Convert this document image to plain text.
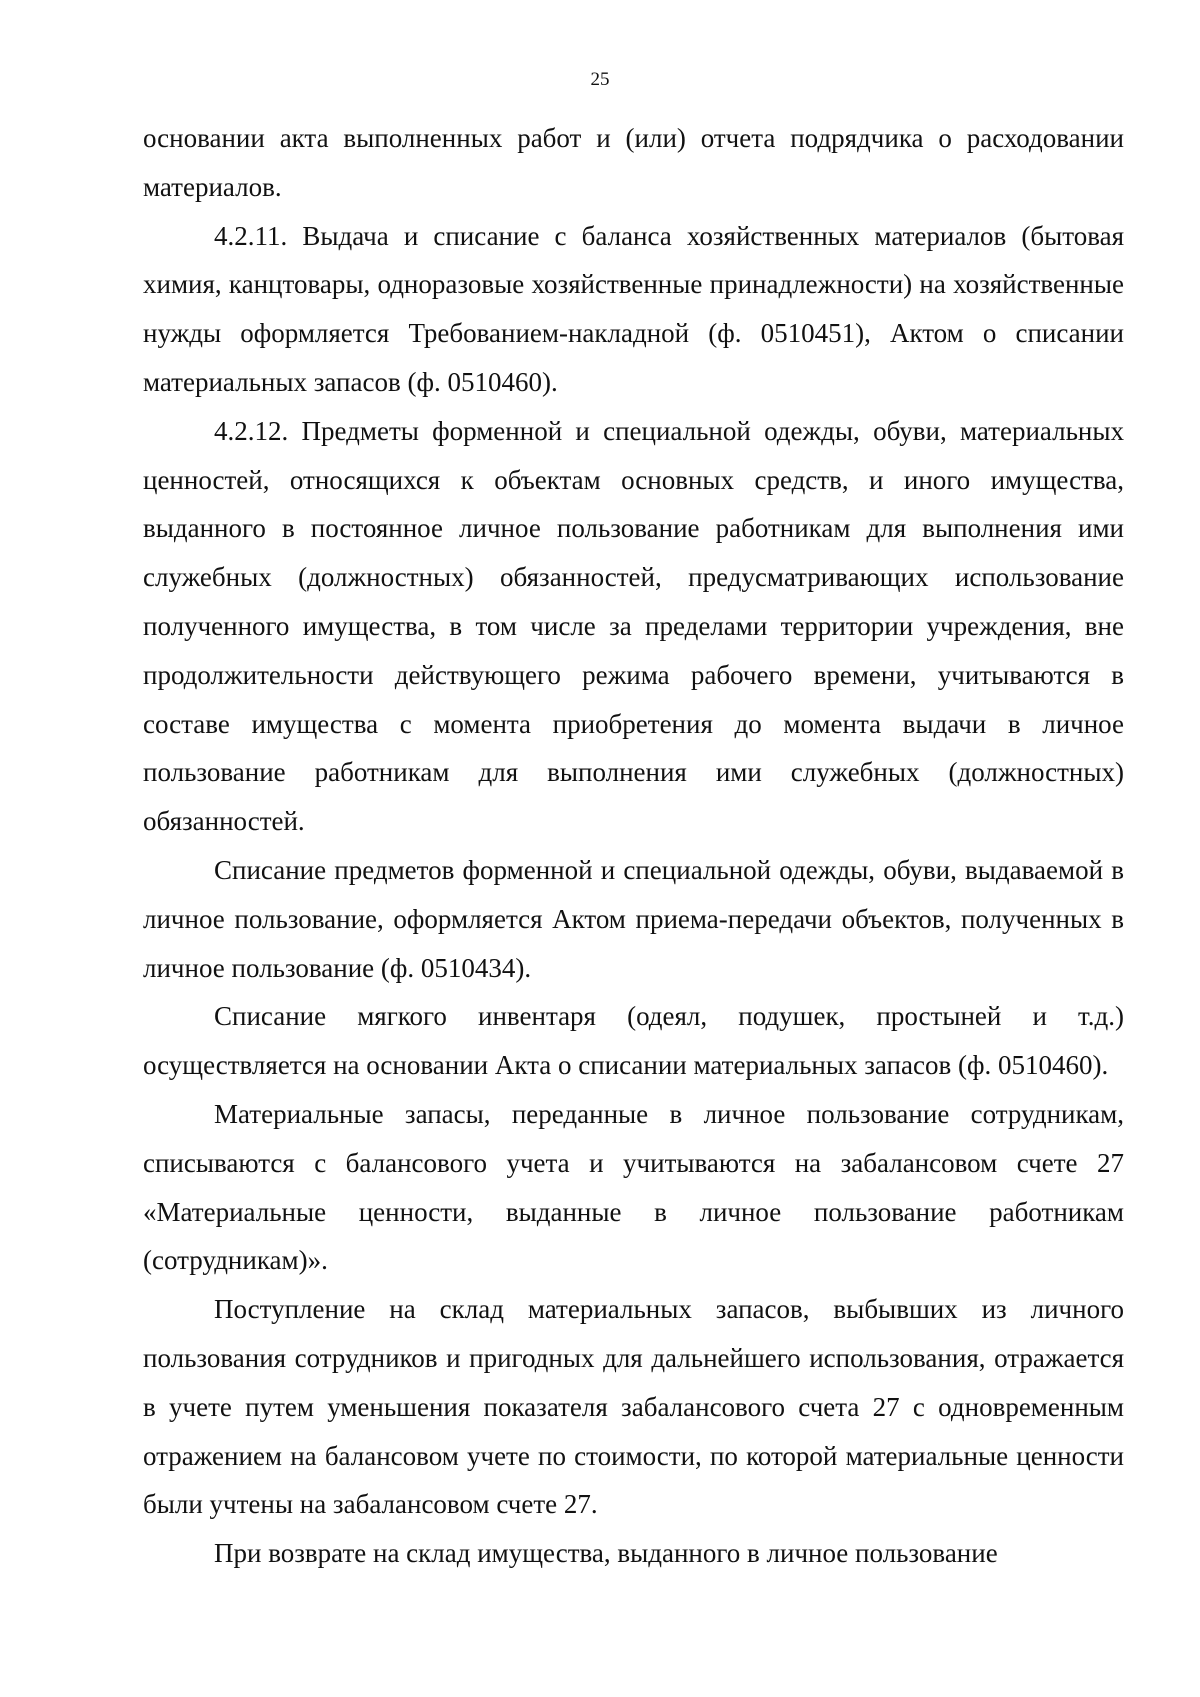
25

основании акта выполненных работ и (или) отчета подрядчика о расходовании материалов.

4.2.11. Выдача и списание с баланса хозяйственных материалов (бытовая химия, канцтовары, одноразовые хозяйственные принадлежности) на хозяйственные нужды оформляется Требованием-накладной (ф. 0510451), Актом о списании материальных запасов (ф. 0510460).

4.2.12. Предметы форменной и специальной одежды, обуви, материальных ценностей, относящихся к объектам основных средств, и иного имущества, выданного в постоянное личное пользование работникам для выполнения ими служебных (должностных) обязанностей, предусматривающих использование полученного имущества, в том числе за пределами территории учреждения, вне продолжительности действующего режима рабочего времени, учитываются в составе имущества с момента приобретения до момента выдачи в личное пользование работникам для выполнения ими служебных (должностных) обязанностей.

Списание предметов форменной и специальной одежды, обуви, выдаваемой в личное пользование, оформляется Актом приема-передачи объектов, полученных в личное пользование (ф. 0510434).

Списание мягкого инвентаря (одеял, подушек, простыней и т.д.) осуществляется на основании Акта о списании материальных запасов (ф. 0510460).

Материальные запасы, переданные в личное пользование сотрудникам, списываются с балансового учета и учитываются на забалансовом счете 27 «Материальные ценности, выданные в личное пользование работникам (сотрудникам)».

Поступление на склад материальных запасов, выбывших из личного пользования сотрудников и пригодных для дальнейшего использования, отражается в учете путем уменьшения показателя забалансового счета 27 с одновременным отражением на балансовом учете по стоимости, по которой материальные ценности были учтены на забалансовом счете 27.

При возврате на склад имущества, выданного в личное пользование
